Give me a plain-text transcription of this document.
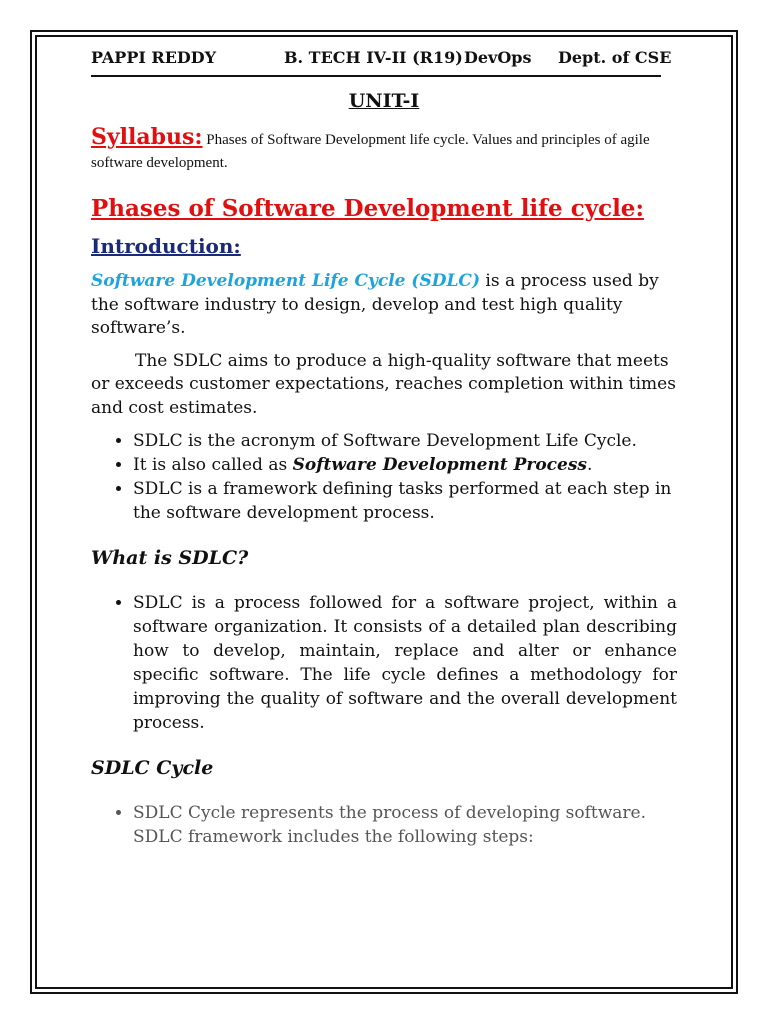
PAPPI REDDY	B. TECH IV-II (R19) DevOps Dept. of CSE
UNIT-I

Syllabus: Phases of Software Development life cycle. Values and principles of agile software development.

Phases of Software Development life cycle:
Introduction:

Software Development Life Cycle (SDLC) is a process used by the software industry to design, develop and test high quality software’s.

The SDLC aims to produce a high-quality software that meets or exceeds customer expectations, reaches completion within times and cost estimates.

• SDLC is the acronym of Software Development Life Cycle.
• It is also called as Software Development Process.
• SDLC is a framework defining tasks performed at each step in the software development process.
What is SDLC?
• SDLC is a process followed for a software project, within a software organization. It consists of a detailed plan describing how to develop, maintain, replace and alter or enhance specific software. The life cycle defines a methodology for improving the quality of software and the overall development process.
SDLC Cycle
• SDLC Cycle represents the process of developing software. SDLC framework includes the following steps:
